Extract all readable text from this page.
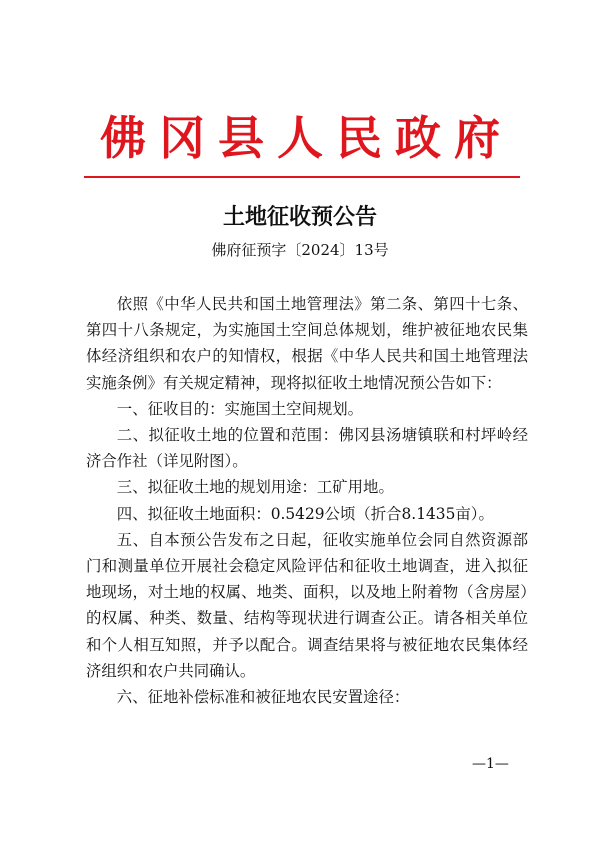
佛冈县人民政府
土地征收预公告
佛府征预字〔2024〕13号

依照《中华人民共和国土地管理法》第二条、第四十七条、第四十八条规定，为实施国土空间总体规划，维护被征地农民集体经济组织和农户的知情权，根据《中华人民共和国土地管理法实施条例》有关规定精神，现将拟征收土地情况预公告如下：

一、征收目的：实施国土空间规划。

二、拟征收土地的位置和范围：佛冈县汤塘镇联和村坪岭经济合作社（详见附图）。

三、拟征收土地的规划用途：工矿用地。

四、拟征收土地面积：0.5429公顷（折合8.1435亩）。

五、自本预公告发布之日起，征收实施单位会同自然资源部门和测量单位开展社会稳定风险评估和征收土地调查，进入拟征地现场，对土地的权属、地类、面积，以及地上附着物（含房屋）的权属、种类、数量、结构等现状进行调查公正。请各相关单位和个人相互知照，并予以配合。调查结果将与被征地农民集体经济组织和农户共同确认。

六、征地补偿标准和被征地农民安置途径：

—1—
